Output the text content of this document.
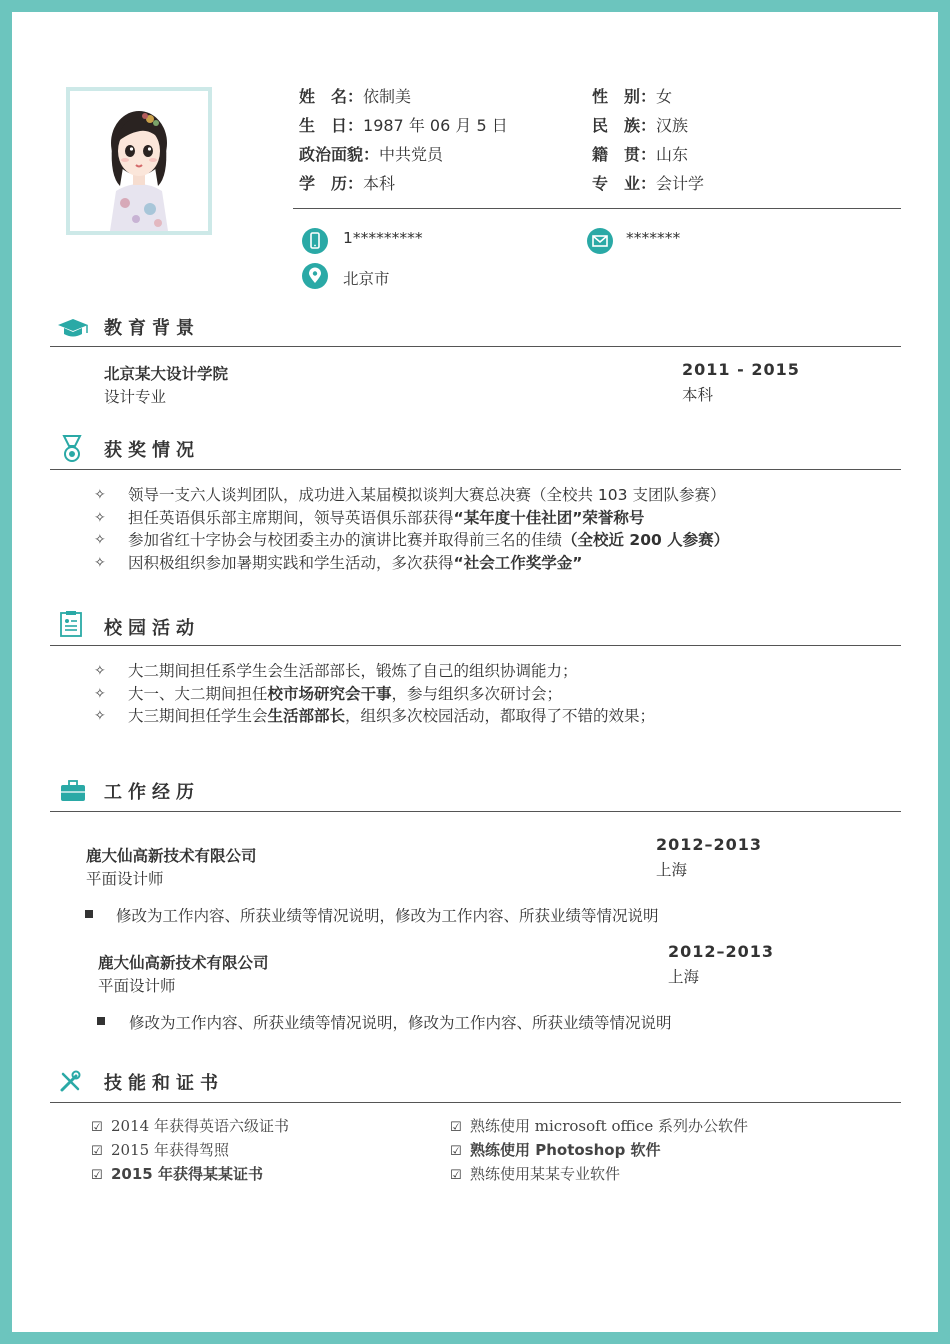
姓　名：依制美	性　别：女
生　日：1987 年 06 月 5 日	民　族：汉族
政治面貌：中共党员	籍　贯：山东
学　历：本科	专　业：会计学
1*********	*******
北京市
教育背景
北京某大设计学院
设计专业
2011 - 2015
本科
获奖情况
✧ 领导一支六人谈判团队，成功进入某届模拟谈判大赛总决赛（全校共 103 支团队参赛）
✧ 担任英语俱乐部主席期间，领导英语俱乐部获得“某年度十佳社团”荣誉称号
✧ 参加省红十字协会与校团委主办的演讲比赛并取得前三名的佳绩（全校近 200 人参赛）
✧ 因积极组织参加暑期实践和学生活动，多次获得“社会工作奖学金”
校园活动
✧ 大二期间担任系学生会生活部部长，锻炼了自己的组织协调能力；
✧ 大一、大二期间担任校市场研究会干事，参与组织多次研讨会；
✧ 大三期间担任学生会生活部部长，组织多次校园活动，都取得了不错的效果；
工作经历
鹿大仙高新技术有限公司
平面设计师
2012–2013
上海
修改为工作内容、所获业绩等情况说明，修改为工作内容、所获业绩等情况说明
鹿大仙高新技术有限公司
平面设计师
2012–2013
上海
修改为工作内容、所获业绩等情况说明，修改为工作内容、所获业绩等情况说明
技能和证书
☑ 2014 年获得英语六级证书
☑ 2015 年获得驾照
☑ 2015 年获得某某证书
☑ 熟练使用 microsoft office 系列办公软件
☑ 熟练使用 Photoshop 软件
☑ 熟练使用某某专业软件
